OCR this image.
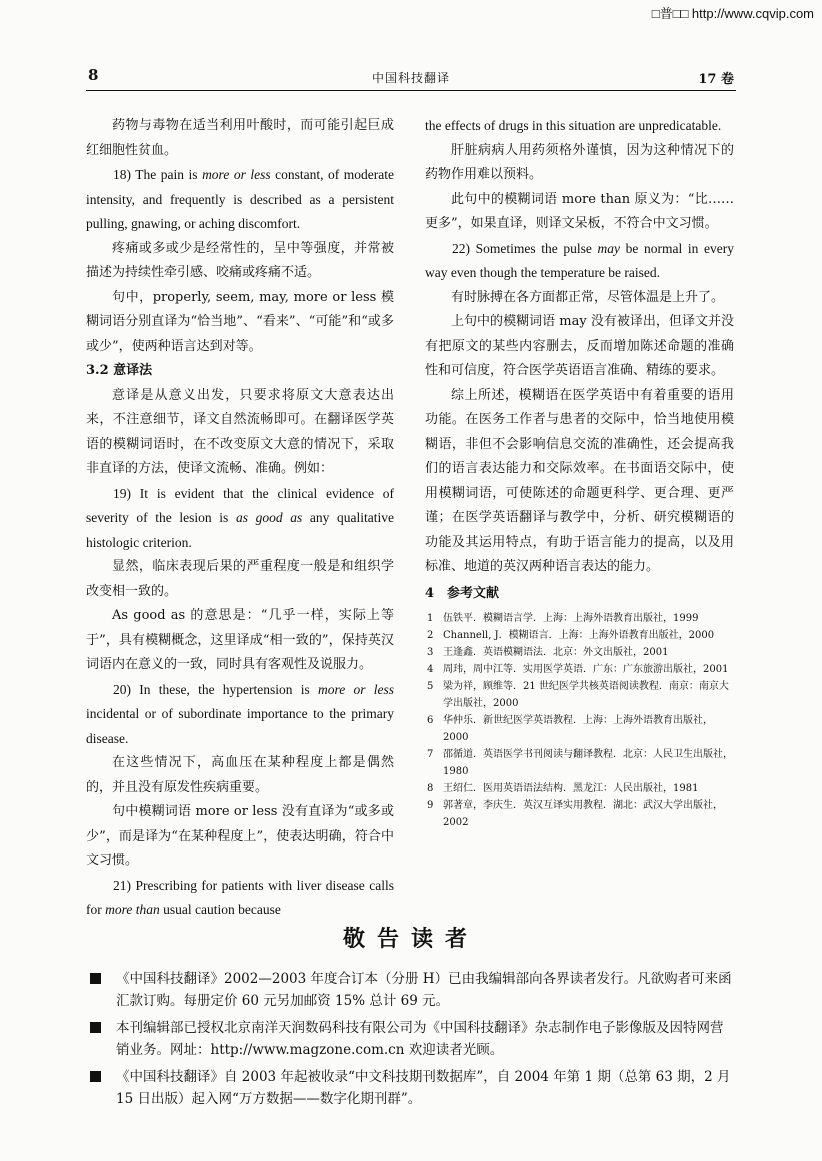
□普□□ http://www.cqvip.com
8	中国科技翻译	17 卷

药物与毒物在适当利用叶酸时，而可能引起巨成红细胞性贫血。

18) The pain is more or less constant, of moderate intensity, and frequently is described as a persistent pulling, gnawing, or aching discomfort.

疼痛或多或少是经常性的，呈中等强度，并常被描述为持续性牵引感、咬痛或疼痛不适。

句中，properly, seem, may, more or less 模糊词语分别直译为“恰当地”、“看来”、“可能”和“或多或少”，使两种语言达到对等。

3.2 意译法

意译是从意义出发，只要求将原文大意表达出来，不注意细节，译文自然流畅即可。在翻译医学英语的模糊词语时，在不改变原文大意的情况下，采取非直译的方法，使译文流畅、准确。例如：

19) It is evident that the clinical evidence of severity of the lesion is as good as any qualitative histologic criterion.

显然，临床表现后果的严重程度一般是和组织学改变相一致的。

As good as 的意思是：“几乎一样，实际上等于”，具有模糊概念，这里译成“相一致的”，保持英汉词语内在意义的一致，同时具有客观性及说服力。

20) In these, the hypertension is more or less incidental or of subordinate importance to the primary disease.

在这些情况下，高血压在某种程度上都是偶然的，并且没有原发性疾病重要。

句中模糊词语 more or less 没有直译为“或多或少”，而是译为“在某种程度上”，使表达明确，符合中文习惯。

21) Prescribing for patients with liver disease calls for more than usual caution because

the effects of drugs in this situation are unpredicatable.

肝脏病病人用药须格外谨慎，因为这种情况下的药物作用难以预料。

此句中的模糊词语 more than 原义为：“比……更多”，如果直译，则译文呆板，不符合中文习惯。

22) Sometimes the pulse may be normal in every way even though the temperature be raised.

有时脉搏在各方面都正常，尽管体温是上升了。

上句中的模糊词语 may 没有被译出，但译文并没有把原文的某些内容删去，反而增加陈述命题的准确性和可信度，符合医学英语语言准确、精练的要求。

综上所述，模糊语在医学英语中有着重要的语用功能。在医务工作者与患者的交际中，恰当地使用模糊语，非但不会影响信息交流的准确性，还会提高我们的语言表达能力和交际效率。在书面语交际中，使用模糊词语，可使陈述的命题更科学、更合理、更严谨；在医学英语翻译与教学中，分析、研究模糊语的功能及其运用特点，有助于语言能力的提高，以及用标准、地道的英汉两种语言表达的能力。

4　参考文献
1 伍铁平．模糊语言学．上海：上海外语教育出版社，1999
2 Channell, J．模糊语言．上海：上海外语教育出版社，2000
3 王逢鑫．英语模糊语法．北京：外文出版社，2001
4 周玮，周中江等．实用医学英语．广东：广东旅游出版社，2001
5 梁为祥，顾维等．21 世纪医学共核英语阅读教程．南京：南京大学出版社，2000
6 华仲乐．新世纪医学英语教程．上海：上海外语教育出版社，2000
7 邵循道．英语医学书刊阅读与翻译教程．北京：人民卫生出版社，1980
8 王绍仁．医用英语语法结构．黑龙江：人民出版社，1981
9 郭著章，李庆生．英汉互译实用教程．湖北：武汉大学出版社，2002
敬告读者
《中国科技翻译》2002—2003 年度合订本（分册 H）已由我编辑部向各界读者发行。凡欲购者可来函汇款订购。每册定价 60 元另加邮资 15% 总计 69 元。
本刊编辑部已授权北京南洋天润数码科技有限公司为《中国科技翻译》杂志制作电子影像版及因特网营销业务。网址：http://www.magzone.com.cn 欢迎读者光顾。
《中国科技翻译》自 2003 年起被收录“中文科技期刊数据库”，自 2004 年第 1 期（总第 63 期，2 月 15 日出版）起入网“万方数据——数字化期刊群”。
